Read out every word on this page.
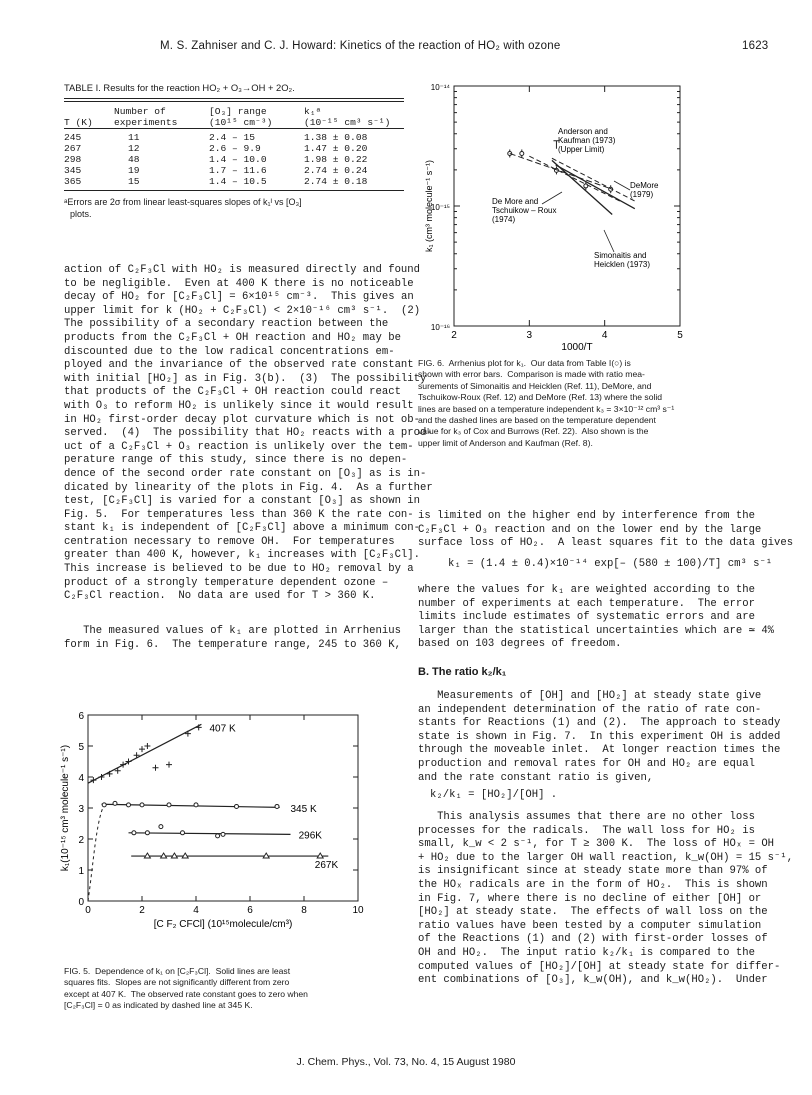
M. S. Zahniser and C. J. Howard: Kinetics of the reaction of HO₂ with ozone	1623
TABLE I. Results for the reaction HO₂ + O₃→OH + 2O₂.
	Number of	[O₃] range	k₁ᵃ
T (K)	experiments	(10¹⁵ cm⁻³)	(10⁻¹⁵ cm³ s⁻¹)

245	11	2.4 – 15	1.38 ± 0.08
267	12	2.6 – 9.9	1.47 ± 0.20
298	48	1.4 – 10.0	1.98 ± 0.22
345	19	1.7 – 11.6	2.74 ± 0.24
365	15	1.4 – 10.5	2.74 ± 0.18

ᵃErrors are 2σ from linear least-squares slopes of k₁ᴵ vs [O₃]

plots.

action of C₂F₃Cl with HO₂ is measured directly and found

to be negligible.  Even at 400 K there is no noticeable

decay of HO₂ for [C₂F₃Cl] = 6×10¹⁵ cm⁻³.  This gives an

upper limit for k (HO₂ + C₂F₃Cl) < 2×10⁻¹⁶ cm³ s⁻¹.  (2)

The possibility of a secondary reaction between the

products from the C₂F₃Cl + OH reaction and HO₂ may be

discounted due to the low radical concentrations em-

ployed and the invariance of the observed rate constant

with initial [HO₂] as in Fig. 3(b).  (3)  The possibility

that products of the C₂F₃Cl + OH reaction could react

with O₃ to reform HO₂ is unlikely since it would result

in HO₂ first-order decay plot curvature which is not ob-

served.  (4)  The possibility that HO₂ reacts with a prod-

uct of a C₂F₃Cl + O₃ reaction is unlikely over the tem-

perature range of this study, since there is no depen-

dence of the second order rate constant on [O₃] as is in-

dicated by linearity of the plots in Fig. 4.  As a further

test, [C₂F₃Cl] is varied for a constant [O₃] as shown in

Fig. 5.  For temperatures less than 360 K the rate con-

stant k₁ is independent of [C₂F₃Cl] above a minimum con-

centration necessary to remove OH.  For temperatures

greater than 400 K, however, k₁ increases with [C₂F₃Cl].

This increase is believed to be due to HO₂ removal by a

product of a strongly temperature dependent ozone –

C₂F₃Cl reaction.  No data are used for T > 360 K.

The measured values of k₁ are plotted in Arrhenius

form in Fig. 6.  The temperature range, 245 to 360 K,

2	3	4	5
1000/T
10⁻¹⁴
10⁻¹⁵
10⁻¹⁶
k₁ (cm³ molecule⁻¹ s⁻¹)
Anderson and
Kaufman (1973)
(Upper Limit)
DeMore
(1979)
De More and
Tschuikow – Roux
(1974)
Simonaitis and
Heicklen (1973)

FIG. 6.  Arrhenius plot for k₁.  Our data from Table I(○) is

shown with error bars.  Comparison is made with ratio mea-

surements of Simonaitis and Heicklen (Ref. 11), DeMore, and

Tschuikow-Roux (Ref. 12) and DeMore (Ref. 13) where the solid

lines are based on a temperature independent k₃ = 3×10⁻¹² cm³ s⁻¹

and the dashed lines are based on the temperature dependent

value for k₃ of Cox and Burrows (Ref. 22).  Also shown is the

upper limit of Anderson and Kaufman (Ref. 8).

is limited on the higher end by interference from the

C₂F₃Cl + O₃ reaction and on the lower end by the large

surface loss of HO₂.  A least squares fit to the data gives

k₁ = (1.4 ± 0.4)×10⁻¹⁴ exp[– (580 ± 100)/T] cm³ s⁻¹

where the values for k₁ are weighted according to the

number of experiments at each temperature.  The error

limits include estimates of systematic errors and are

larger than the statistical uncertainties which are ≃ 4%

based on 103 degrees of freedom.

B. The ratio k₂/k₁

Measurements of [OH] and [HO₂] at steady state give

an independent determination of the ratio of rate con-

stants for Reactions (1) and (2).  The approach to steady

state is shown in Fig. 7.  In this experiment OH is added

through the moveable inlet.  At longer reaction times the

production and removal rates for OH and HO₂ are equal

and the rate constant ratio is given,

k₂/k₁ = [HO₂]/[OH] .

This analysis assumes that there are no other loss

processes for the radicals.  The wall loss for HO₂ is

small, k_w < 2 s⁻¹, for T ≥ 300 K.  The loss of HOₓ = OH

+ HO₂ due to the larger OH wall reaction, k_w(OH) = 15 s⁻¹,

is insignificant since at steady state more than 97% of

the HOₓ radicals are in the form of HO₂.  This is shown

in Fig. 7, where there is no decline of either [OH] or

[HO₂] at steady state.  The effects of wall loss on the

ratio values have been tested by a computer simulation

of the Reactions (1) and (2) with first-order losses of

OH and HO₂.  The input ratio k₂/k₁ is compared to the

computed values of [HO₂]/[OH] at steady state for differ-

ent combinations of [O₃], k_w(OH), and k_w(HO₂).  Under

0
1
2
3
4
5
6
0	2	4	6	8	10
[C F₂ CFCl] (10¹⁵molecule/cm³)
k₁(10⁻¹⁵ cm³ molecule⁻¹ s⁻¹)
407 K
345 K
296K
267K

FIG. 5.  Dependence of k₁ on [C₂F₃Cl].  Solid lines are least

squares fits.  Slopes are not significantly different from zero

except at 407 K.  The observed rate constant goes to zero when

[C₂F₃Cl] = 0 as indicated by dashed line at 345 K.

J. Chem. Phys., Vol. 73, No. 4, 15 August 1980
